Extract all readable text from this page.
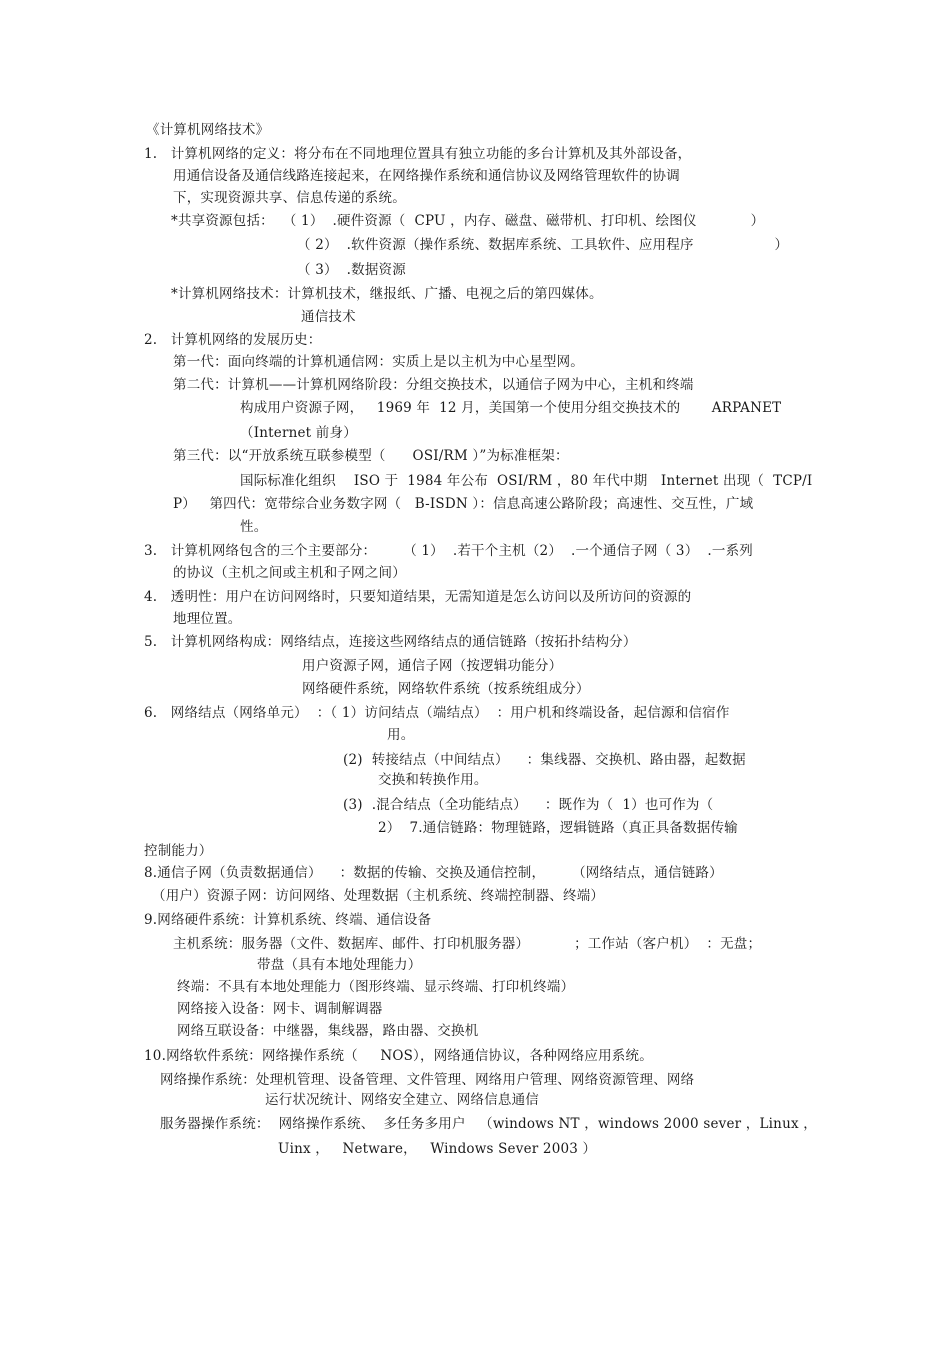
《计算机网络技术》
1.   计算机网络的定义：将分布在不同地理位置具有独立功能的多台计算机及其外部设备，
用通信设备及通信线路连接起来，在网络操作系统和通信协议及网络管理软件的协调
下，实现资源共享、信息传递的系统。
*共享资源包括：  （ 1）  .硬件资源（  CPU ，内存、磁盘、磁带机、打印机、绘图仪            ）
（ 2）  .软件资源（操作系统、数据库系统、工具软件、应用程序                  ）
（ 3）  .数据资源
*计算机网络技术：计算机技术，继报纸、广播、电视之后的第四媒体。
通信技术
2.   计算机网络的发展历史：
第一代：面向终端的计算机通信网：实质上是以主机为中心星型网。
第二代：计算机——计算机网络阶段：分组交换技术，以通信子网为中心，主机和终端
构成用户资源子网，   1969 年  12 月，美国第一个使用分组交换技术的       ARPANET
（Internet 前身）
第三代：以“开放系统互联参模型（      OSI/RM ）”为标准框架：
国际标准化组织    ISO 于  1984 年公布  OSI/RM ，80 年代中期   Internet 出现（  TCP/I
P）   第四代：宽带综合业务数字网（   B-ISDN ）：信息高速公路阶段；高速性、交互性，广域
性。
3.   计算机网络包含的三个主要部分：      （ 1）  .若干个主机（2）  .一个通信子网（ 3）  .一系列
的协议（主机之间或主机和子网之间）
4.   透明性：用户在访问网络时，只要知道结果，无需知道是怎么访问以及所访问的资源的
地理位置。
5.   计算机网络构成：网络结点，连接这些网络结点的通信链路（按拓扑结构分）
用户资源子网，通信子网（按逻辑功能分）
网络硬件系统，网络软件系统（按系统组成分）
6.   网络结点（网络单元）  ：（ 1）访问结点（端结点）  ：用户机和终端设备，起信源和信宿作
用。
(2)  转接结点（中间结点）    ：集线器、交换机、路由器，起数据
交换和转换作用。
(3)  .混合结点（全功能结点）    ：既作为（  1）也可作为（
2）  7.通信链路：物理链路，逻辑链路（真正具备数据传输
控制能力）
8.通信子网（负责数据通信）    ：数据的传输、交换及通信控制，      （网络结点，通信链路）
（用户）资源子网：访问网络、处理数据（主机系统、终端控制器、终端）
9.网络硬件系统：计算机系统、终端、通信设备
主机系统：服务器（文件、数据库、邮件、打印机服务器）          ；工作站（客户机）  ：无盘；
带盘（具有本地处理能力）
终端：不具有本地处理能力（图形终端、显示终端、打印机终端）
网络接入设备：网卡、调制解调器
网络互联设备：中继器，集线器，路由器、交换机
10.网络软件系统：网络操作系统（     NOS），网络通信协议，各种网络应用系统。
网络操作系统：处理机管理、设备管理、文件管理、网络用户管理、网络资源管理、网络
运行状况统计、网络安全建立、网络信息通信
服务器操作系统：  网络操作系统、  多任务多用户   （windows NT ，windows 2000 sever ，Linux ，
Uinx ，   Netware，   Windows Sever 2003 ）
